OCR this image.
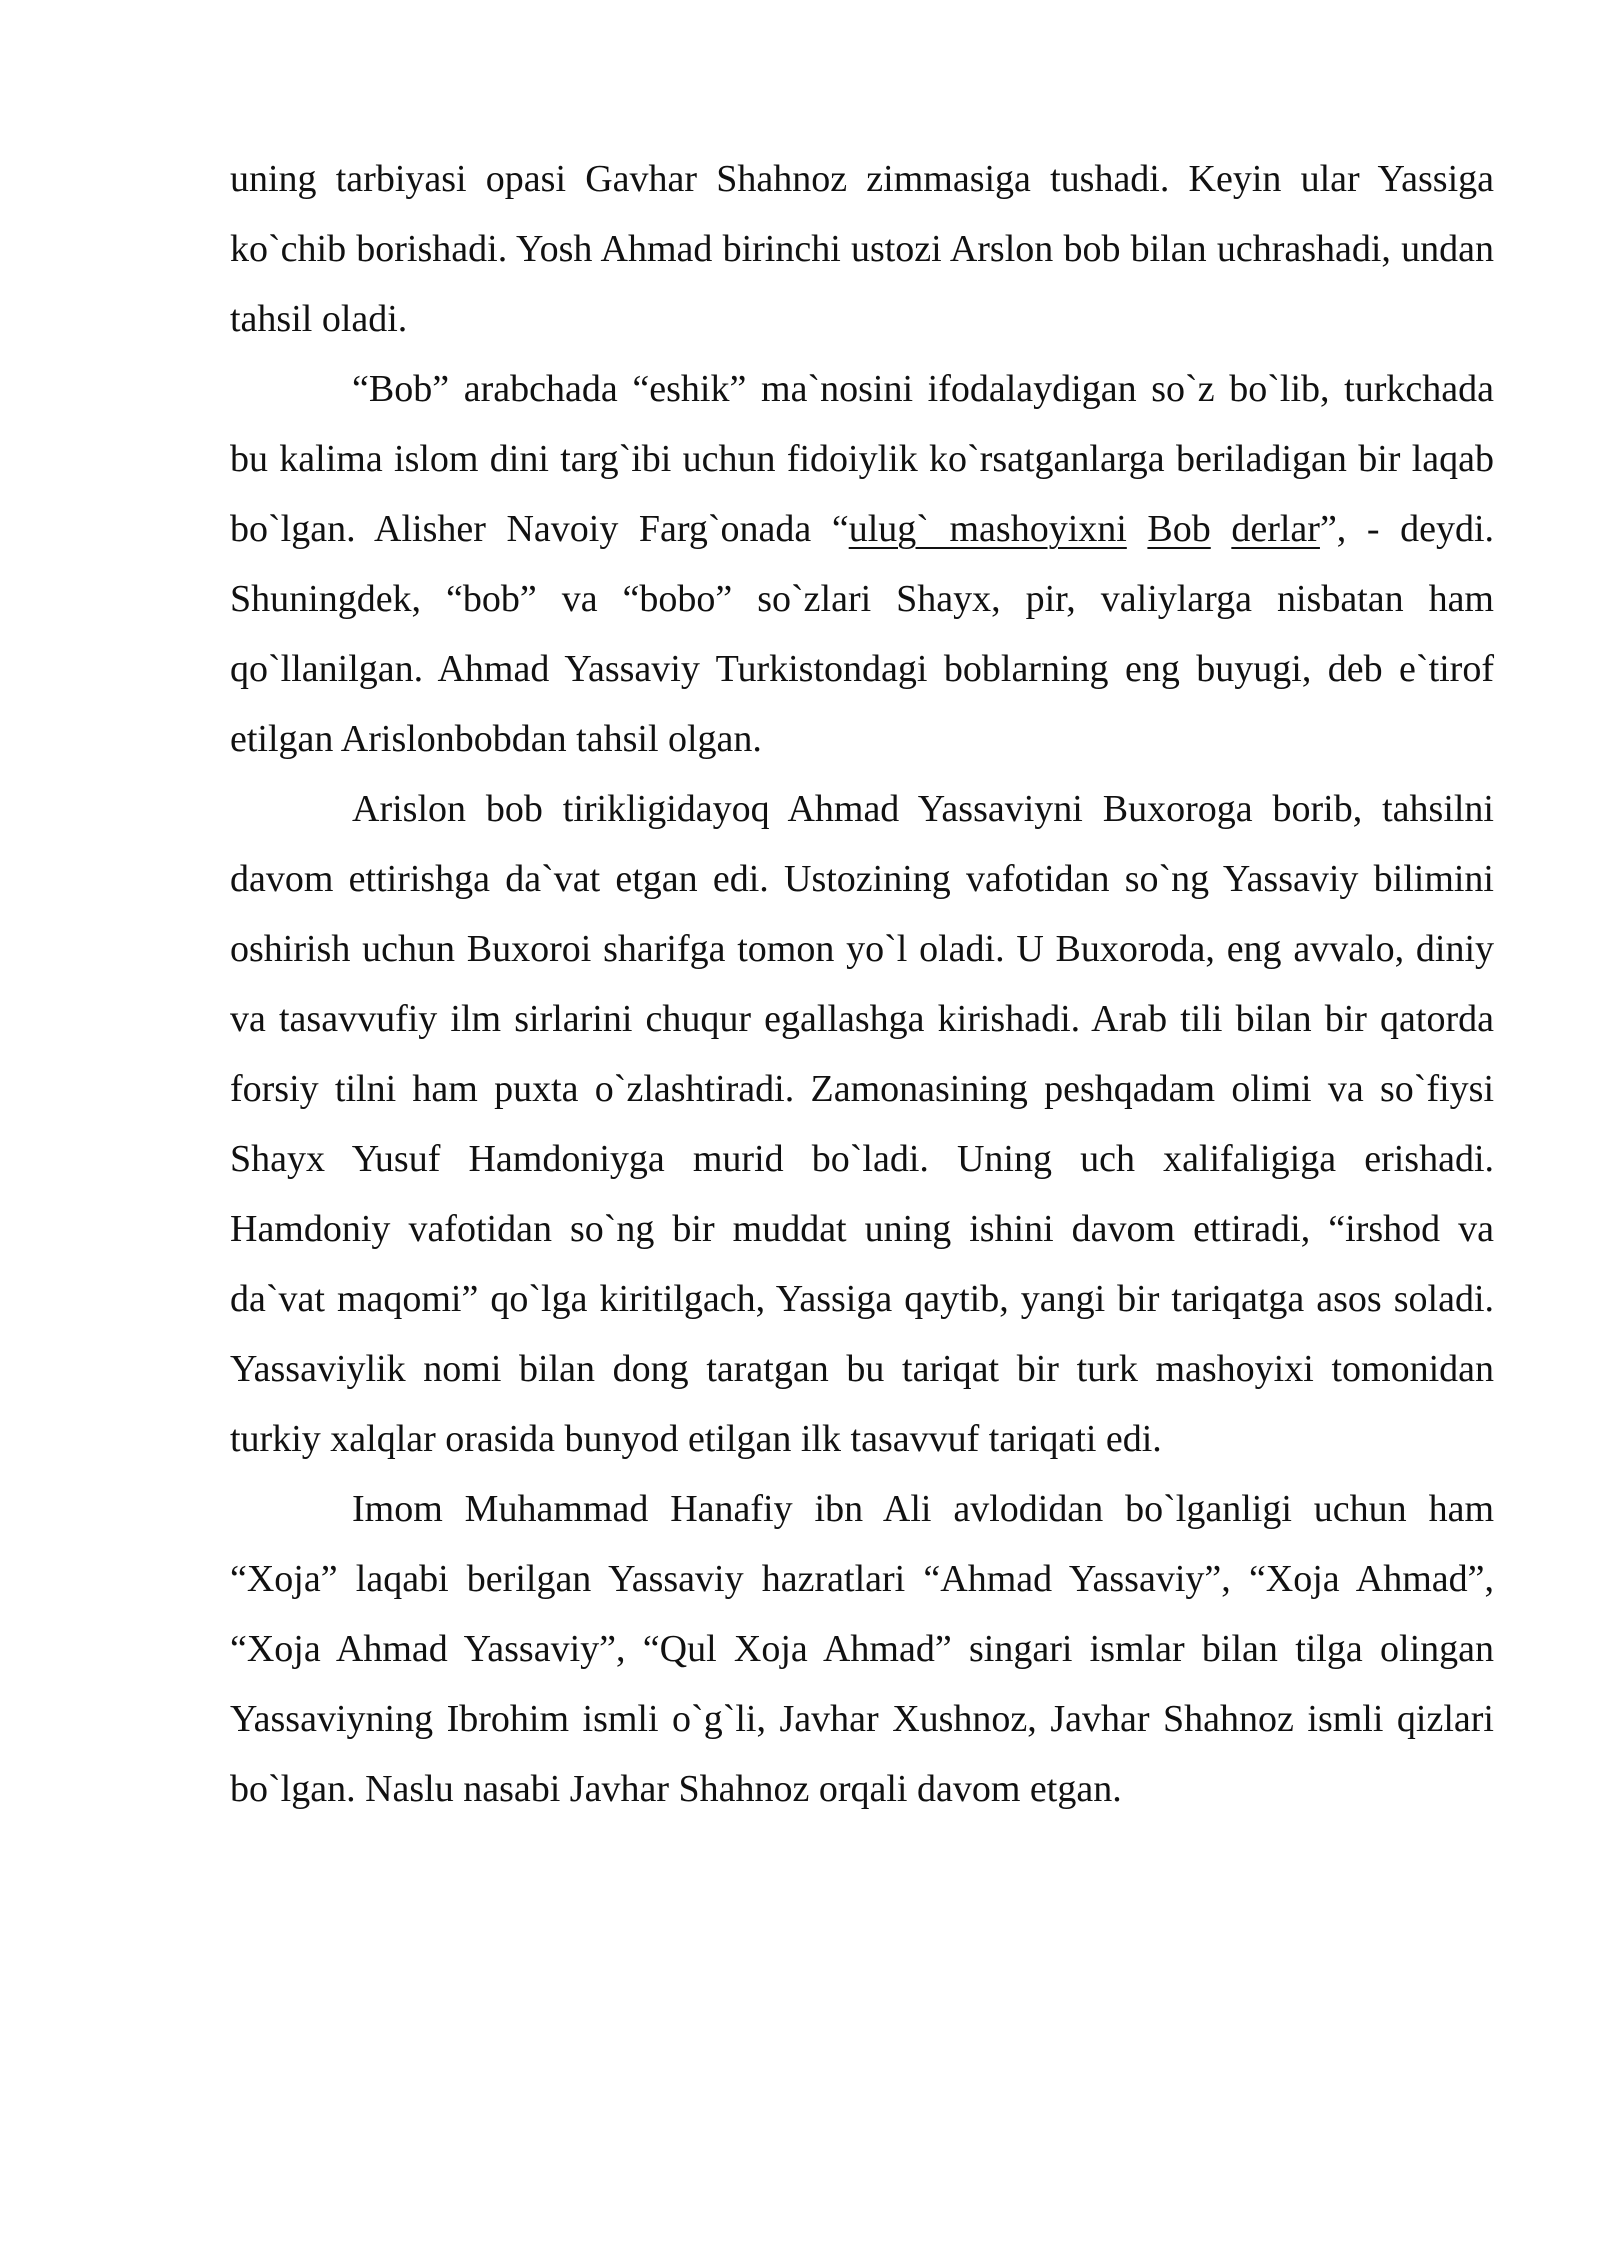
uning tarbiyasi opasi Gavhar Shahnoz zimmasiga tushadi. Keyin ular Yassiga ko`chib borishadi. Yosh Ahmad birinchi ustozi Arslon bob bilan uchrashadi, undan tahsil oladi.

“Bob” arabchada “eshik” ma`nosini ifodalaydigan so`z bo`lib, turkchada bu kalima islom dini targ`ibi uchun fidoiylik ko`rsatganlarga beriladigan bir laqab bo`lgan. Alisher Navoiy Farg`onada “ulug` mashoyixni Bob derlar”, - deydi. Shuningdek, “bob” va “bobo” so`zlari Shayx, pir, valiylarga nisbatan ham qo`llanilgan. Ahmad Yassaviy Turkistondagi boblarning eng buyugi, deb e`tirof etilgan Arislonbobdan tahsil olgan.

Arislon bob tirikligidayoq Ahmad Yassaviyni Buxoroga borib, tahsilni davom ettirishga da`vat etgan edi. Ustozining vafotidan so`ng Yassaviy bilimini oshirish uchun Buxoroi sharifga tomon yo`l oladi. U Buxoroda, eng avvalo, diniy va tasavvufiy ilm sirlarini chuqur egallashga kirishadi. Arab tili bilan bir qatorda forsiy tilni ham puxta o`zlashtiradi. Zamonasining peshqadam olimi va so`fiysi Shayx Yusuf Hamdoniyga murid bo`ladi. Uning uch xalifaligiga erishadi. Hamdoniy vafotidan so`ng bir muddat uning ishini davom ettiradi, “irshod va da`vat maqomi” qo`lga kiritilgach, Yassiga qaytib, yangi bir tariqatga asos soladi. Yassaviylik nomi bilan dong taratgan bu tariqat bir turk mashoyixi tomonidan turkiy xalqlar orasida bunyod etilgan ilk tasavvuf tariqati edi.

Imom Muhammad Hanafiy ibn Ali avlodidan bo`lganligi uchun ham “Xoja” laqabi berilgan Yassaviy hazratlari “Ahmad Yassaviy”, “Xoja Ahmad”, “Xoja Ahmad Yassaviy”, “Qul Xoja Ahmad” singari ismlar bilan tilga olingan Yassaviyning Ibrohim ismli o`g`li, Javhar Xushnoz, Javhar Shahnoz ismli qizlari bo`lgan. Naslu nasabi Javhar Shahnoz orqali davom etgan.
